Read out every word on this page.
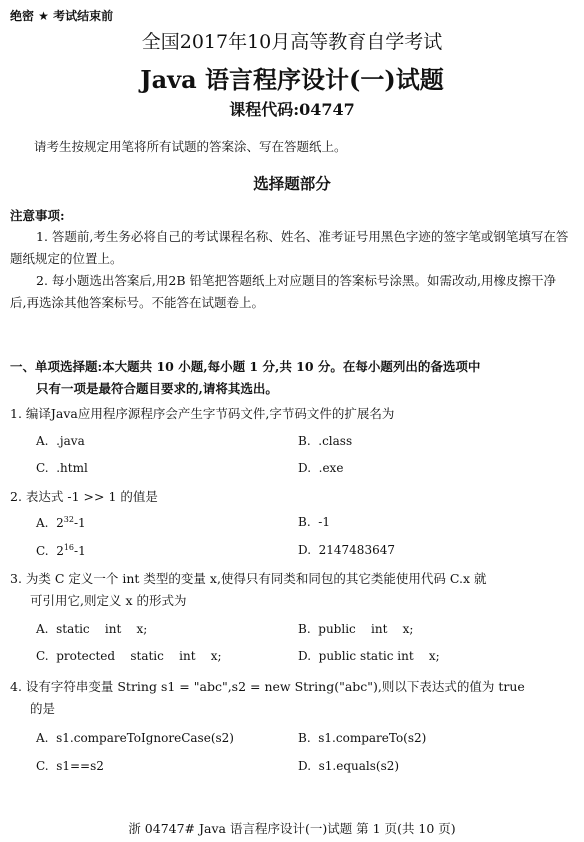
绝密 ★ 考试结束前
全国2017年10月高等教育自学考试
Java 语言程序设计(一)试题
课程代码:04747
请考生按规定用笔将所有试题的答案涂、写在答题纸上。
选择题部分
注意事项:
1. 答题前,考生务必将自己的考试课程名称、姓名、准考证号用黑色字迹的签字笔或钢笔填写在答题纸规定的位置上。
2. 每小题选出答案后,用2B 铅笔把答题纸上对应题目的答案标号涂黑。如需改动,用橡皮擦干净后,再选涂其他答案标号。不能答在试题卷上。
一、单项选择题:本大题共 10 小题,每小题 1 分,共 10 分。在每小题列出的备选项中
只有一项是最符合题目要求的,请将其选出。
1. 编译Java应用程序源程序会产生字节码文件,字节码文件的扩展名为
A.  .java	B.  .class
C.  .html	D.  .exe
2. 表达式 -1 >> 1 的值是
A.  $2^{32}-1$	B.  -1
C.  $2^{16}-1$	D.  2147483647
3. 为类 C 定义一个 int 类型的变量 x,使得只有同类和同包的其它类能使用代码 C.x 就
可引用它,则定义 x 的形式为
A.  static    int    x;	B.  public    int    x;
C.  protected    static    int    x;	D.  public static int    x;
4. 设有字符串变量 String s1 = "abc",s2 = new String("abc"),则以下表达式的值为 true
的是
A.  s1.compareToIgnoreCase(s2)	B.  s1.compareTo(s2)
C.  s1==s2	D.  s1.equals(s2)
浙 04747# Java 语言程序设计(一)试题 第 1 页(共 10 页)
